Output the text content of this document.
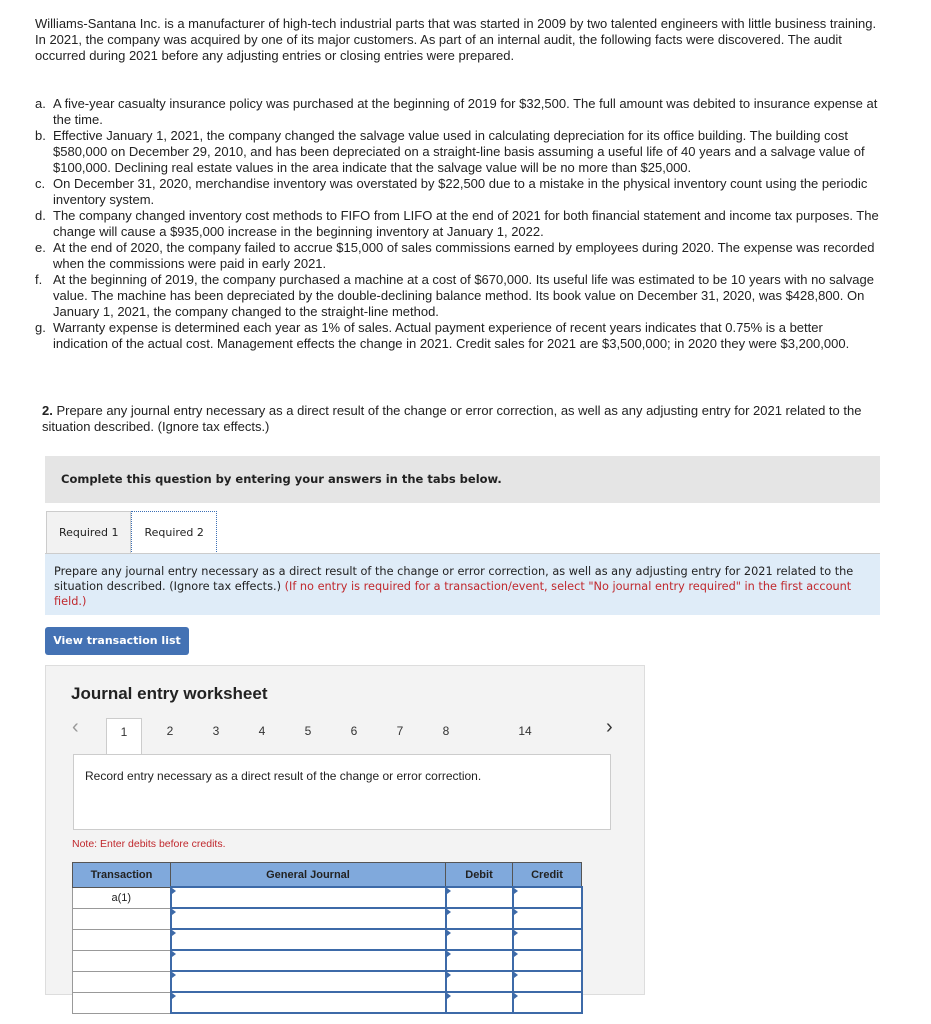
Williams-Santana Inc. is a manufacturer of high-tech industrial parts that was started in 2009 by two talented engineers with little business training. In 2021, the company was acquired by one of its major customers. As part of an internal audit, the following facts were discovered. The audit occurred during 2021 before any adjusting entries or closing entries were prepared.
a. A five-year casualty insurance policy was purchased at the beginning of 2019 for $32,500. The full amount was debited to insurance expense at the time.
b. Effective January 1, 2021, the company changed the salvage value used in calculating depreciation for its office building. The building cost $580,000 on December 29, 2010, and has been depreciated on a straight-line basis assuming a useful life of 40 years and a salvage value of $100,000. Declining real estate values in the area indicate that the salvage value will be no more than $25,000.
c. On December 31, 2020, merchandise inventory was overstated by $22,500 due to a mistake in the physical inventory count using the periodic inventory system.
d. The company changed inventory cost methods to FIFO from LIFO at the end of 2021 for both financial statement and income tax purposes. The change will cause a $935,000 increase in the beginning inventory at January 1, 2022.
e. At the end of 2020, the company failed to accrue $15,000 of sales commissions earned by employees during 2020. The expense was recorded when the commissions were paid in early 2021.
f. At the beginning of 2019, the company purchased a machine at a cost of $670,000. Its useful life was estimated to be 10 years with no salvage value. The machine has been depreciated by the double-declining balance method. Its book value on December 31, 2020, was $428,800. On January 1, 2021, the company changed to the straight-line method.
g. Warranty expense is determined each year as 1% of sales. Actual payment experience of recent years indicates that 0.75% is a better indication of the actual cost. Management effects the change in 2021. Credit sales for 2021 are $3,500,000; in 2020 they were $3,200,000.
2. Prepare any journal entry necessary as a direct result of the change or error correction, as well as any adjusting entry for 2021 related to the situation described. (Ignore tax effects.)
Complete this question by entering your answers in the tabs below.
Required 1	Required 2
Prepare any journal entry necessary as a direct result of the change or error correction, as well as any adjusting entry for 2021 related to the situation described. (Ignore tax effects.) (If no entry is required for a transaction/event, select "No journal entry required" in the first account field.)
View transaction list
Journal entry worksheet
‹	1	2	3	4	5	6	7	8	14	›
Record entry necessary as a direct result of the change or error correction.
Note: Enter debits before credits.
Transaction	General Journal	Debit	Credit
a(1)			
